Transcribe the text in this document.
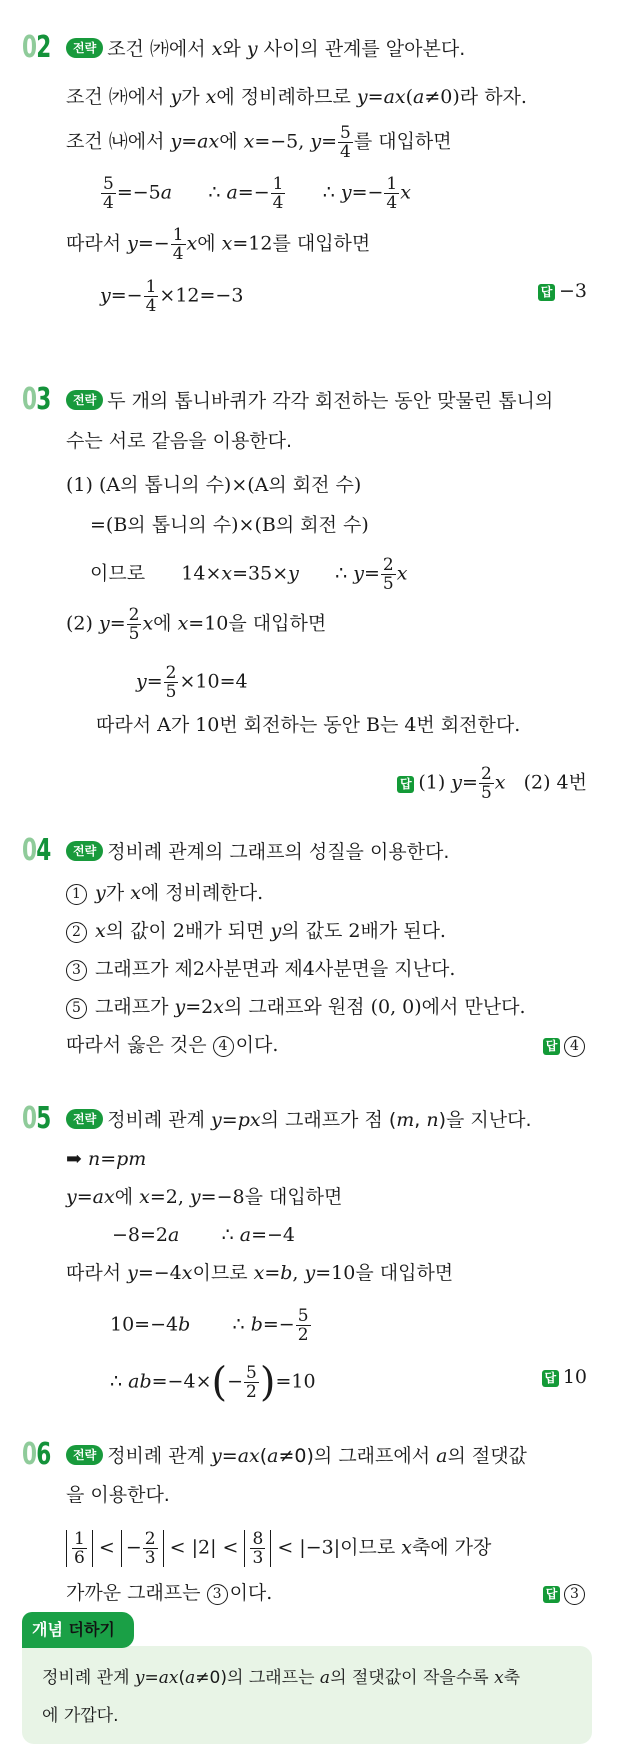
02	전략 조건 ㈎에서 x와 y 사이의 관계를 알아본다.
조건 ㈎에서 y가 x에 정비례하므로 y=ax(a≠0)라 하자.
조건 ㈏에서 y=ax에 x=−5, $y= \frac{5}{4}$ 를 대입하면
$\frac{5}{4} =-5a$      ∴ $a=- \frac{1}{4}$ ∴ $y=- \frac{1}{4}$ x
따라서 $y=- \frac{1}{4}$ x에 x=12를 대입하면
$y=- \frac{1}{4} \times 12=-3$	답 −3
03	전략 두 개의 톱니바퀴가 각각 회전하는 동안 맞물린 톱니의
수는 서로 같음을 이용한다.
(1) (A의 톱니의 수)×(A의 회전 수)
=(B의 톱니의 수)×(B의 회전 수)
이므로      14×x=35×y      ∴ $y= \frac{2}{5}$ x
(2) $y= \frac{2}{5}$ x에 x=10을 대입하면
$y= \frac{2}{5} \times 10=4$
따라서 A가 10번 회전하는 동안 B는 4번 회전한다.
답 (1) $y= \frac{2}{5}$ x   (2) 4번
04	전략 정비례 관계의 그래프의 성질을 이용한다.
1 y가 x에 정비례한다.
2 x의 값이 2배가 되면 y의 값도 2배가 된다.
3 그래프가 제2사분면과 제4사분면을 지난다.
5 그래프가 y=2x의 그래프와 원점 (0, 0)에서 만난다.
따라서 옳은 것은 4 이다.	답 4
05	전략 정비례 관계 y=px의 그래프가 점 (m, n)을 지난다.
➡ n=pm
y=ax에 x=2, y=−8을 대입하면
−8=2a       ∴ a=−4
따라서 y=−4x이므로 x=b, y=10을 대입하면
10=−4b       ∴ $b=- \frac{5}{2}$
∴ $ab=-4\times(- \frac{5}{2} )=10$	답 10
06	전략 정비례 관계 y=ax(a≠0)의 그래프에서 a의 절댓값
을 이용한다.
$\frac{1}{6}$ < − $\frac{2}{3} < |2| < \frac{8}{3} < |-3|$이므로 x축에 가장
가까운 그래프는 3 이다.	답 3
개념 더하기
정비례 관계 y=ax(a≠0)의 그래프는 a의 절댓값이 작을수록 x축
에 가깝다.
